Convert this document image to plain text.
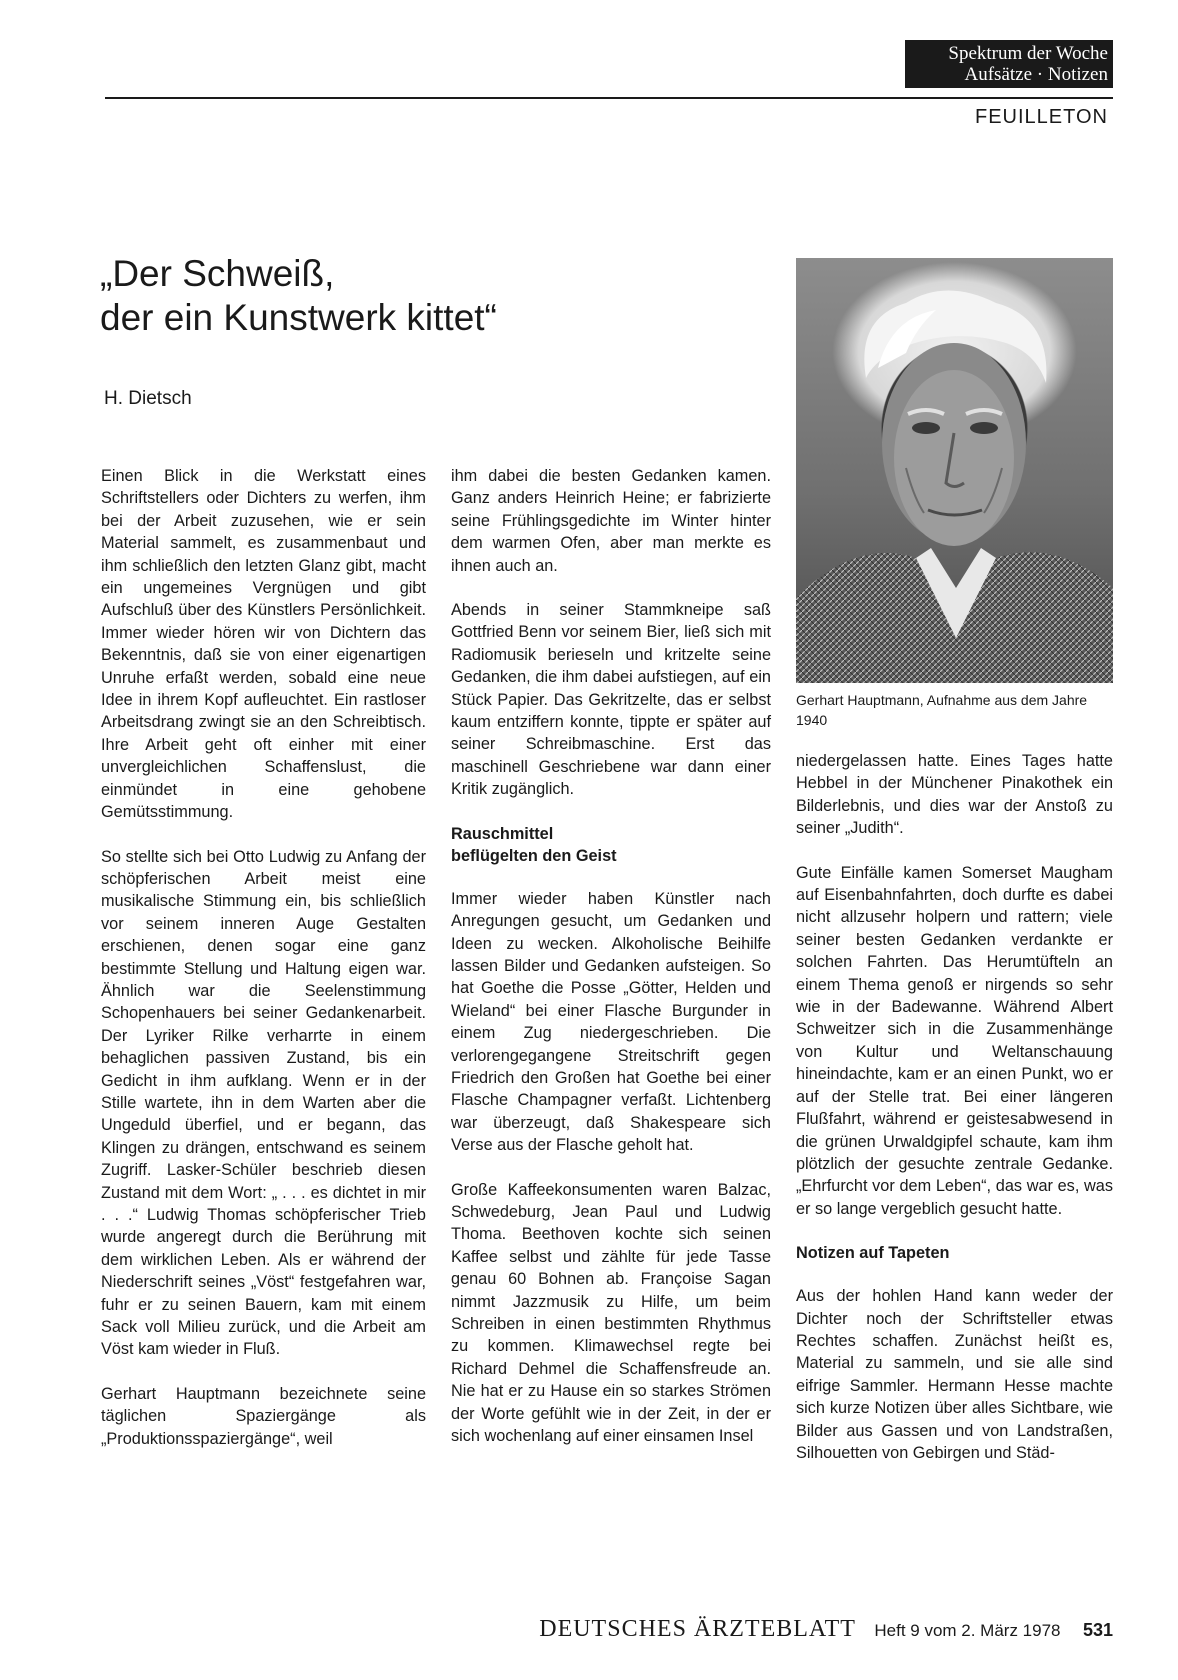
Spektrum der Woche
Aufsätze · Notizen
FEUILLETON
„Der Schweiß,
der ein Kunstwerk kittet“
H. Dietsch

Einen Blick in die Werkstatt eines Schriftstellers oder Dichters zu werfen, ihm bei der Arbeit zuzusehen, wie er sein Material sammelt, es zusammenbaut und ihm schließlich den letzten Glanz gibt, macht ein ungemeines Vergnügen und gibt Aufschluß über des Künstlers Persönlichkeit. Immer wieder hören wir von Dichtern das Bekenntnis, daß sie von einer eigenartigen Unruhe erfaßt werden, sobald eine neue Idee in ihrem Kopf aufleuchtet. Ein rastloser Arbeitsdrang zwingt sie an den Schreibtisch. Ihre Arbeit geht oft einher mit einer unvergleichlichen Schaffenslust, die einmündet in eine gehobene Gemütsstimmung.

So stellte sich bei Otto Ludwig zu Anfang der schöpferischen Arbeit meist eine musikalische Stimmung ein, bis schließlich vor seinem inneren Auge Gestalten erschienen, denen sogar eine ganz bestimmte Stellung und Haltung eigen war. Ähnlich war die Seelenstimmung Schopenhauers bei seiner Gedankenarbeit. Der Lyriker Rilke verharrte in einem behaglichen passiven Zustand, bis ein Gedicht in ihm aufklang. Wenn er in der Stille wartete, ihn in dem Warten aber die Ungeduld überfiel, und er begann, das Klingen zu drängen, entschwand es seinem Zugriff. Lasker-Schüler beschrieb diesen Zustand mit dem Wort: „ . . . es dichtet in mir . . .“ Ludwig Thomas schöpferischer Trieb wurde angeregt durch die Berührung mit dem wirklichen Leben. Als er während der Niederschrift seines „Vöst“ festgefahren war, fuhr er zu seinen Bauern, kam mit einem Sack voll Milieu zurück, und die Arbeit am Vöst kam wieder in Fluß.

Gerhart Hauptmann bezeichnete seine täglichen Spaziergänge als „Produktionsspaziergänge“, weil

ihm dabei die besten Gedanken kamen. Ganz anders Heinrich Heine; er fabrizierte seine Frühlingsgedichte im Winter hinter dem warmen Ofen, aber man merkte es ihnen auch an.

Abends in seiner Stammkneipe saß Gottfried Benn vor seinem Bier, ließ sich mit Radiomusik berieseln und kritzelte seine Gedanken, die ihm dabei aufstiegen, auf ein Stück Papier. Das Gekritzelte, das er selbst kaum entziffern konnte, tippte er später auf seiner Schreibmaschine. Erst das maschinell Geschriebene war dann einer Kritik zugänglich.

Rauschmittel
beflügelten den Geist

Immer wieder haben Künstler nach Anregungen gesucht, um Gedanken und Ideen zu wecken. Alkoholische Beihilfe lassen Bilder und Gedanken aufsteigen. So hat Goethe die Posse „Götter, Helden und Wieland“ bei einer Flasche Burgunder in einem Zug niedergeschrieben. Die verlorengegangene Streitschrift gegen Friedrich den Großen hat Goethe bei einer Flasche Champagner verfaßt. Lichtenberg war überzeugt, daß Shakespeare sich Verse aus der Flasche geholt hat.

Große Kaffeekonsumenten waren Balzac, Schwedeburg, Jean Paul und Ludwig Thoma. Beethoven kochte sich seinen Kaffee selbst und zählte für jede Tasse genau 60 Bohnen ab. Françoise Sagan nimmt Jazzmusik zu Hilfe, um beim Schreiben in einen bestimmten Rhythmus zu kommen. Klimawechsel regte bei Richard Dehmel die Schaffensfreude an. Nie hat er zu Hause ein so starkes Strömen der Worte gefühlt wie in der Zeit, in der er sich wochenlang auf einer einsamen Insel

Gerhart Hauptmann, Aufnahme aus dem Jahre 1940

niedergelassen hatte. Eines Tages hatte Hebbel in der Münchener Pinakothek ein Bilderlebnis, und dies war der Anstoß zu seiner „Judith“.

Gute Einfälle kamen Somerset Maugham auf Eisenbahnfahrten, doch durfte es dabei nicht allzusehr holpern und rattern; viele seiner besten Gedanken verdankte er solchen Fahrten. Das Herumtüfteln an einem Thema genoß er nirgends so sehr wie in der Badewanne. Während Albert Schweitzer sich in die Zusammenhänge von Kultur und Weltanschauung hineindachte, kam er an einen Punkt, wo er auf der Stelle trat. Bei einer längeren Flußfahrt, während er geistesabwesend in die grünen Urwaldgipfel schaute, kam ihm plötzlich der gesuchte zentrale Gedanke. „Ehrfurcht vor dem Leben“, das war es, was er so lange vergeblich gesucht hatte.

Notizen auf Tapeten

Aus der hohlen Hand kann weder der Dichter noch der Schriftsteller etwas Rechtes schaffen. Zunächst heißt es, Material zu sammeln, und sie alle sind eifrige Sammler. Hermann Hesse machte sich kurze Notizen über alles Sichtbare, wie Bilder aus Gassen und von Landstraßen, Silhouetten von Gebirgen und Städ-

DEUTSCHES ÄRZTEBLATT Heft 9 vom 2. März 1978 531
